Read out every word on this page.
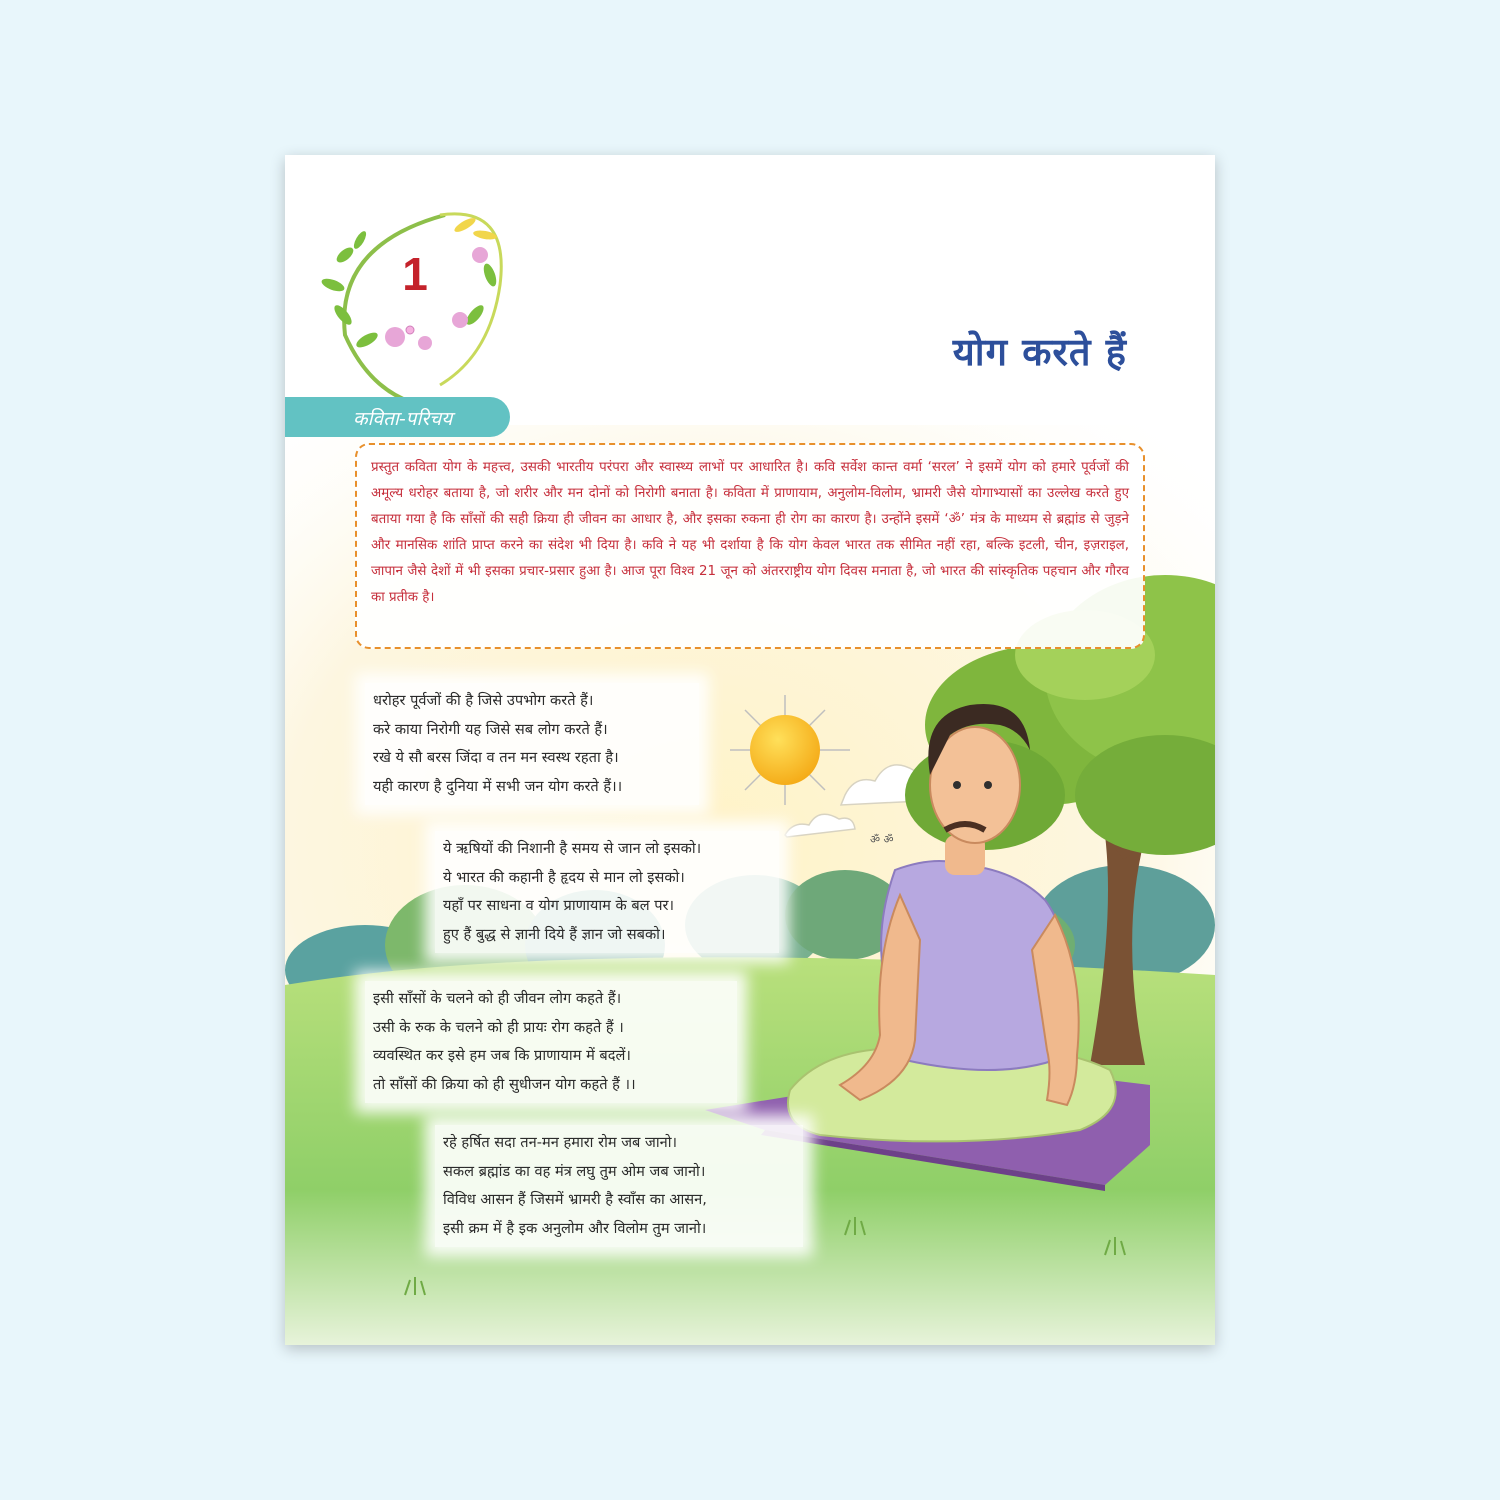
ॐ ॐ
1
योग करते हैं
कविता-परिचय

प्रस्तुत कविता योग के महत्त्व, उसकी भारतीय परंपरा और स्वास्थ्य लाभों पर आधारित है। कवि सर्वेश कान्त वर्मा ‘सरल’ ने इसमें योग को हमारे पूर्वजों की अमूल्य धरोहर बताया है, जो शरीर और मन दोनों को निरोगी बनाता है। कविता में प्राणायाम, अनुलोम-विलोम, भ्रामरी जैसे योगाभ्यासों का उल्लेख करते हुए बताया गया है कि साँसों की सही क्रिया ही जीवन का आधार है, और इसका रुकना ही रोग का कारण है। उन्होंने इसमें ‘ॐ’ मंत्र के माध्यम से ब्रह्मांड से जुड़ने और मानसिक शांति प्राप्त करने का संदेश भी दिया है। कवि ने यह भी दर्शाया है कि योग केवल भारत तक सीमित नहीं रहा, बल्कि इटली, चीन, इज़राइल, जापान जैसे देशों में भी इसका प्रचार-प्रसार हुआ है। आज पूरा विश्व 21 जून को अंतरराष्ट्रीय योग दिवस मनाता है, जो भारत की सांस्कृतिक पहचान और गौरव का प्रतीक है।

धरोहर पूर्वजों की है जिसे उपभोग करते हैं।

करे काया निरोगी यह जिसे सब लोग करते हैं।

रखे ये सौ बरस जिंदा व तन मन स्वस्थ रहता है।

यही कारण है दुनिया में सभी जन योग करते हैं।।

ये ऋषियों की निशानी है समय से जान लो इसको।

ये भारत की कहानी है हृदय से मान लो इसको।

यहाँ पर साधना व योग प्राणायाम के बल पर।

हुए हैं बुद्ध से ज्ञानी दिये हैं ज्ञान जो सबको।

इसी साँसों के चलने को ही जीवन लोग कहते हैं।

उसी के रुक के चलने को ही प्रायः रोग कहते हैं ।

व्यवस्थित कर इसे हम जब कि प्राणायाम में बदलें।

तो साँसों की क्रिया को ही सुधीजन योग कहते हैं ।।

रहे हर्षित सदा तन-मन हमारा रोम जब जानो।

सकल ब्रह्मांड का वह मंत्र लघु तुम ओम जब जानो।

विविध आसन हैं जिसमें भ्रामरी है स्वाँस का आसन,

इसी क्रम में है इक अनुलोम और विलोम तुम जानो।
